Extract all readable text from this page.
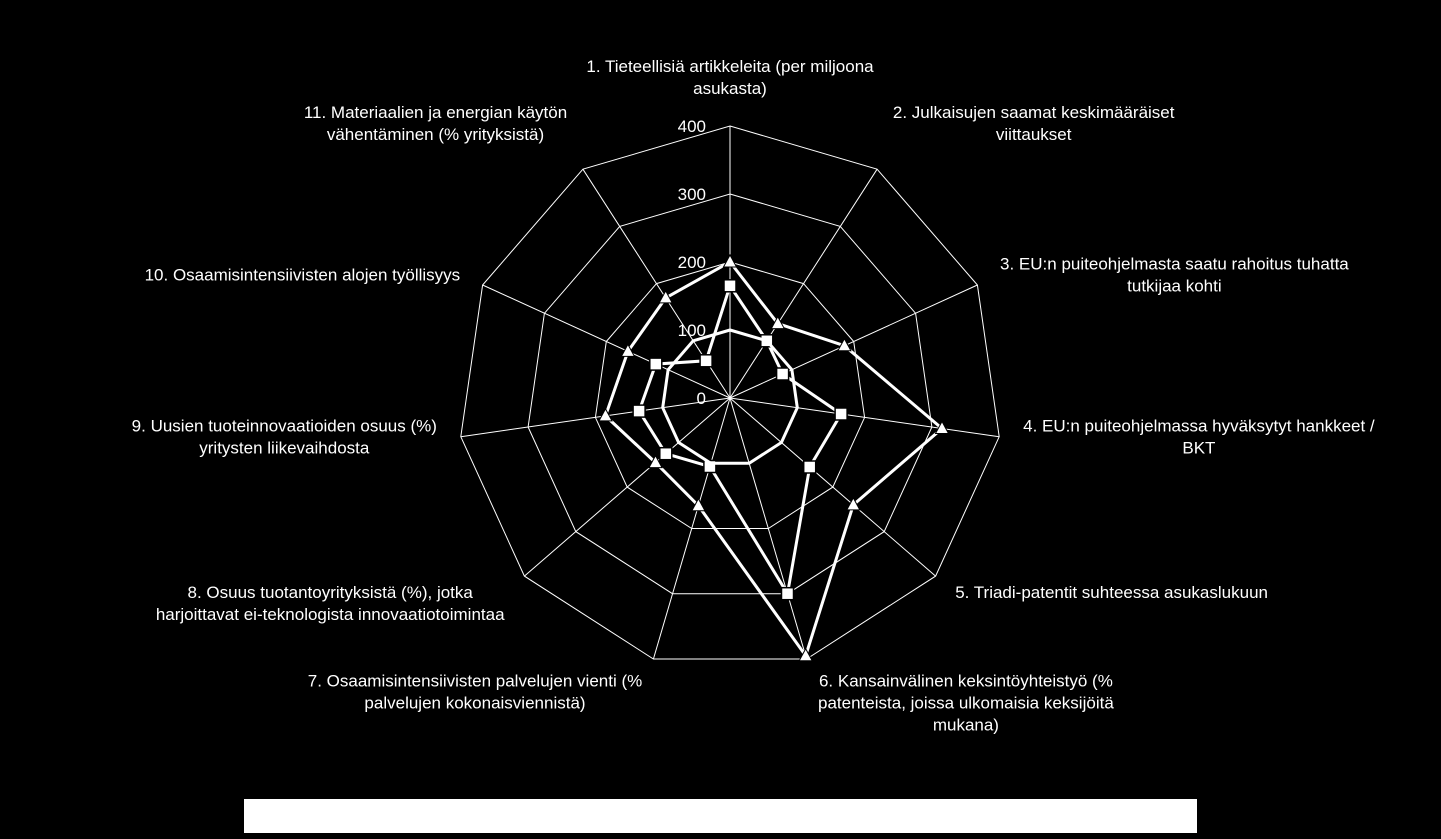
0
100
200
300
400
1. Tieteellisiä artikkeleita (per miljoona asukasta)
2. Julkaisujen saamat keskimääräiset viittaukset
3. EU:n puiteohjelmasta saatu rahoitus tuhatta tutkijaa kohti
4. EU:n puiteohjelmassa hyväksytyt hankkeet / BKT
5. Triadi-patentit suhteessa asukaslukuun
6. Kansainvälinen keksintöyhteistyö (% patenteista, joissa ulkomaisia keksijöitä mukana)
7. Osaamisintensiivisten palvelujen vienti (% palvelujen kokonaisviennistä)
8. Osuus tuotantoyrityksistä (%), jotka harjoittavat ei-teknologista innovaatiotoimintaa
9. Uusien tuoteinnovaatioiden osuus (%) yritysten liikevaihdosta
10. Osaamisintensiivisten alojen työllisyys
11. Materiaalien ja energian käytön vähentäminen (% yrityksistä)
